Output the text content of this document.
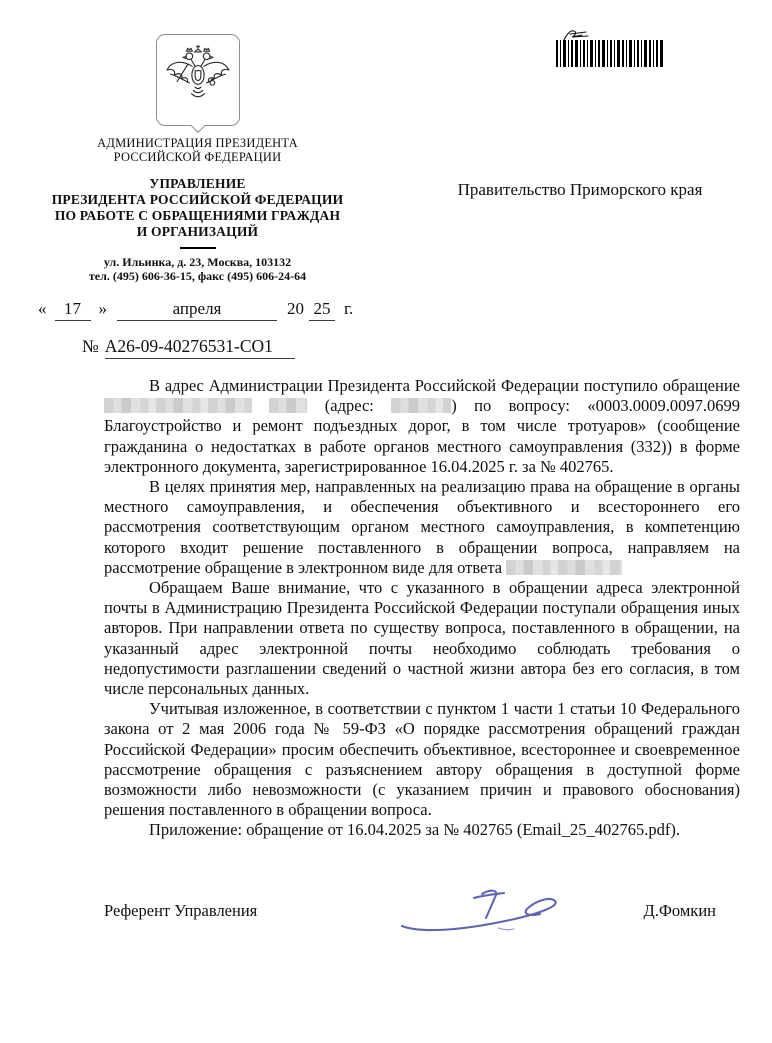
АДМИНИСТРАЦИЯ ПРЕЗИДЕНТА
РОССИЙСКОЙ ФЕДЕРАЦИИ
УПРАВЛЕНИЕ
ПРЕЗИДЕНТА РОССИЙСКОЙ ФЕДЕРАЦИИ
ПО РАБОТЕ С ОБРАЩЕНИЯМИ ГРАЖДАН
И ОРГАНИЗАЦИЙ
ул. Ильинка, д. 23, Москва, 103132
тел. (495) 606-36-15, факс (495) 606-24-64
Правительство Приморского края
« 17 »	апреля	20 25 г.
№ А26-09-40276531-СО1

В адрес Администрации Президента Российской Федерации поступило обращение   (адрес:	) по вопросу: «0003.0009.0097.0699 Благоустройство и ремонт подъездных дорог, в том числе тротуаров» (сообщение гражданина о недостатках в работе органов местного самоуправления (332)) в форме электронного документа, зарегистрированное 16.04.2025 г. за № 402765.

В целях принятия мер, направленных на реализацию права на обращение в органы местного самоуправления, и обеспечения объективного и всестороннего его рассмотрения соответствующим органом местного самоуправления, в компетенцию которого входит решение поставленного в обращении вопроса, направляем на рассмотрение обращение в электронном виде для ответа

Обращаем Ваше внимание, что с указанного в обращении адреса электронной почты в Администрацию Президента Российской Федерации поступали обращения иных авторов. При направлении ответа по существу вопроса, поставленного в обращении, на указанный адрес электронной почты необходимо соблюдать требования о недопустимости разглашении сведений о частной жизни автора без его согласия, в том числе персональных данных.

Учитывая изложенное, в соответствии с пунктом 1 части 1 статьи 10 Федерального закона от 2 мая 2006 года № 59-ФЗ «О порядке рассмотрения обращений граждан Российской Федерации» просим обеспечить объективное, всестороннее и своевременное рассмотрение обращения с разъяснением автору обращения в доступной форме возможности либо невозможности (с указанием причин и правового обоснования) решения поставленного в обращении вопроса.

Приложение: обращение от 16.04.2025 за № 402765 (Email_25_402765.pdf).

Референт Управления	Д.Фомкин
